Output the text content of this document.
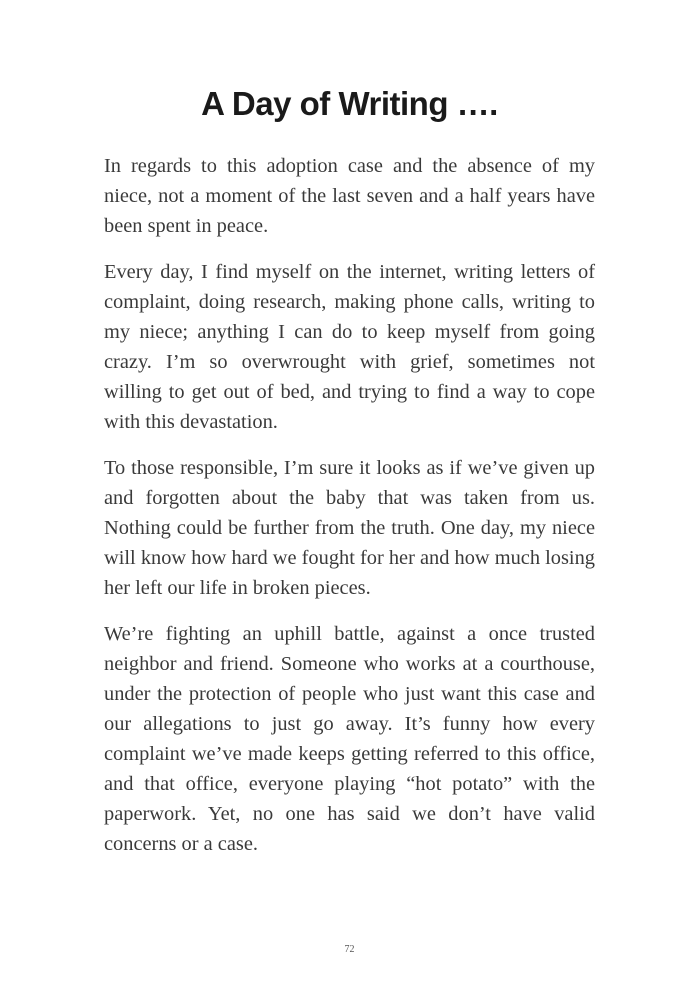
A Day of Writing ….

In regards to this adoption case and the absence of my niece, not a moment of the last seven and a half years have been spent in peace.

Every day, I find myself on the internet, writing letters of complaint, doing research, making phone calls, writing to my niece; anything I can do to keep myself from going crazy. I’m so overwrought with grief, sometimes not willing to get out of bed, and trying to find a way to cope with this devastation.

To those responsible, I’m sure it looks as if we’ve given up and forgotten about the baby that was taken from us. Nothing could be further from the truth. One day, my niece will know how hard we fought for her and how much losing her left our life in broken pieces.

We’re fighting an uphill battle, against a once trusted neighbor and friend. Someone who works at a courthouse, under the protection of people who just want this case and our allegations to just go away. It’s funny how every complaint we’ve made keeps getting referred to this office, and that office, everyone playing “hot potato” with the paperwork. Yet, no one has said we don’t have valid concerns or a case.

72
